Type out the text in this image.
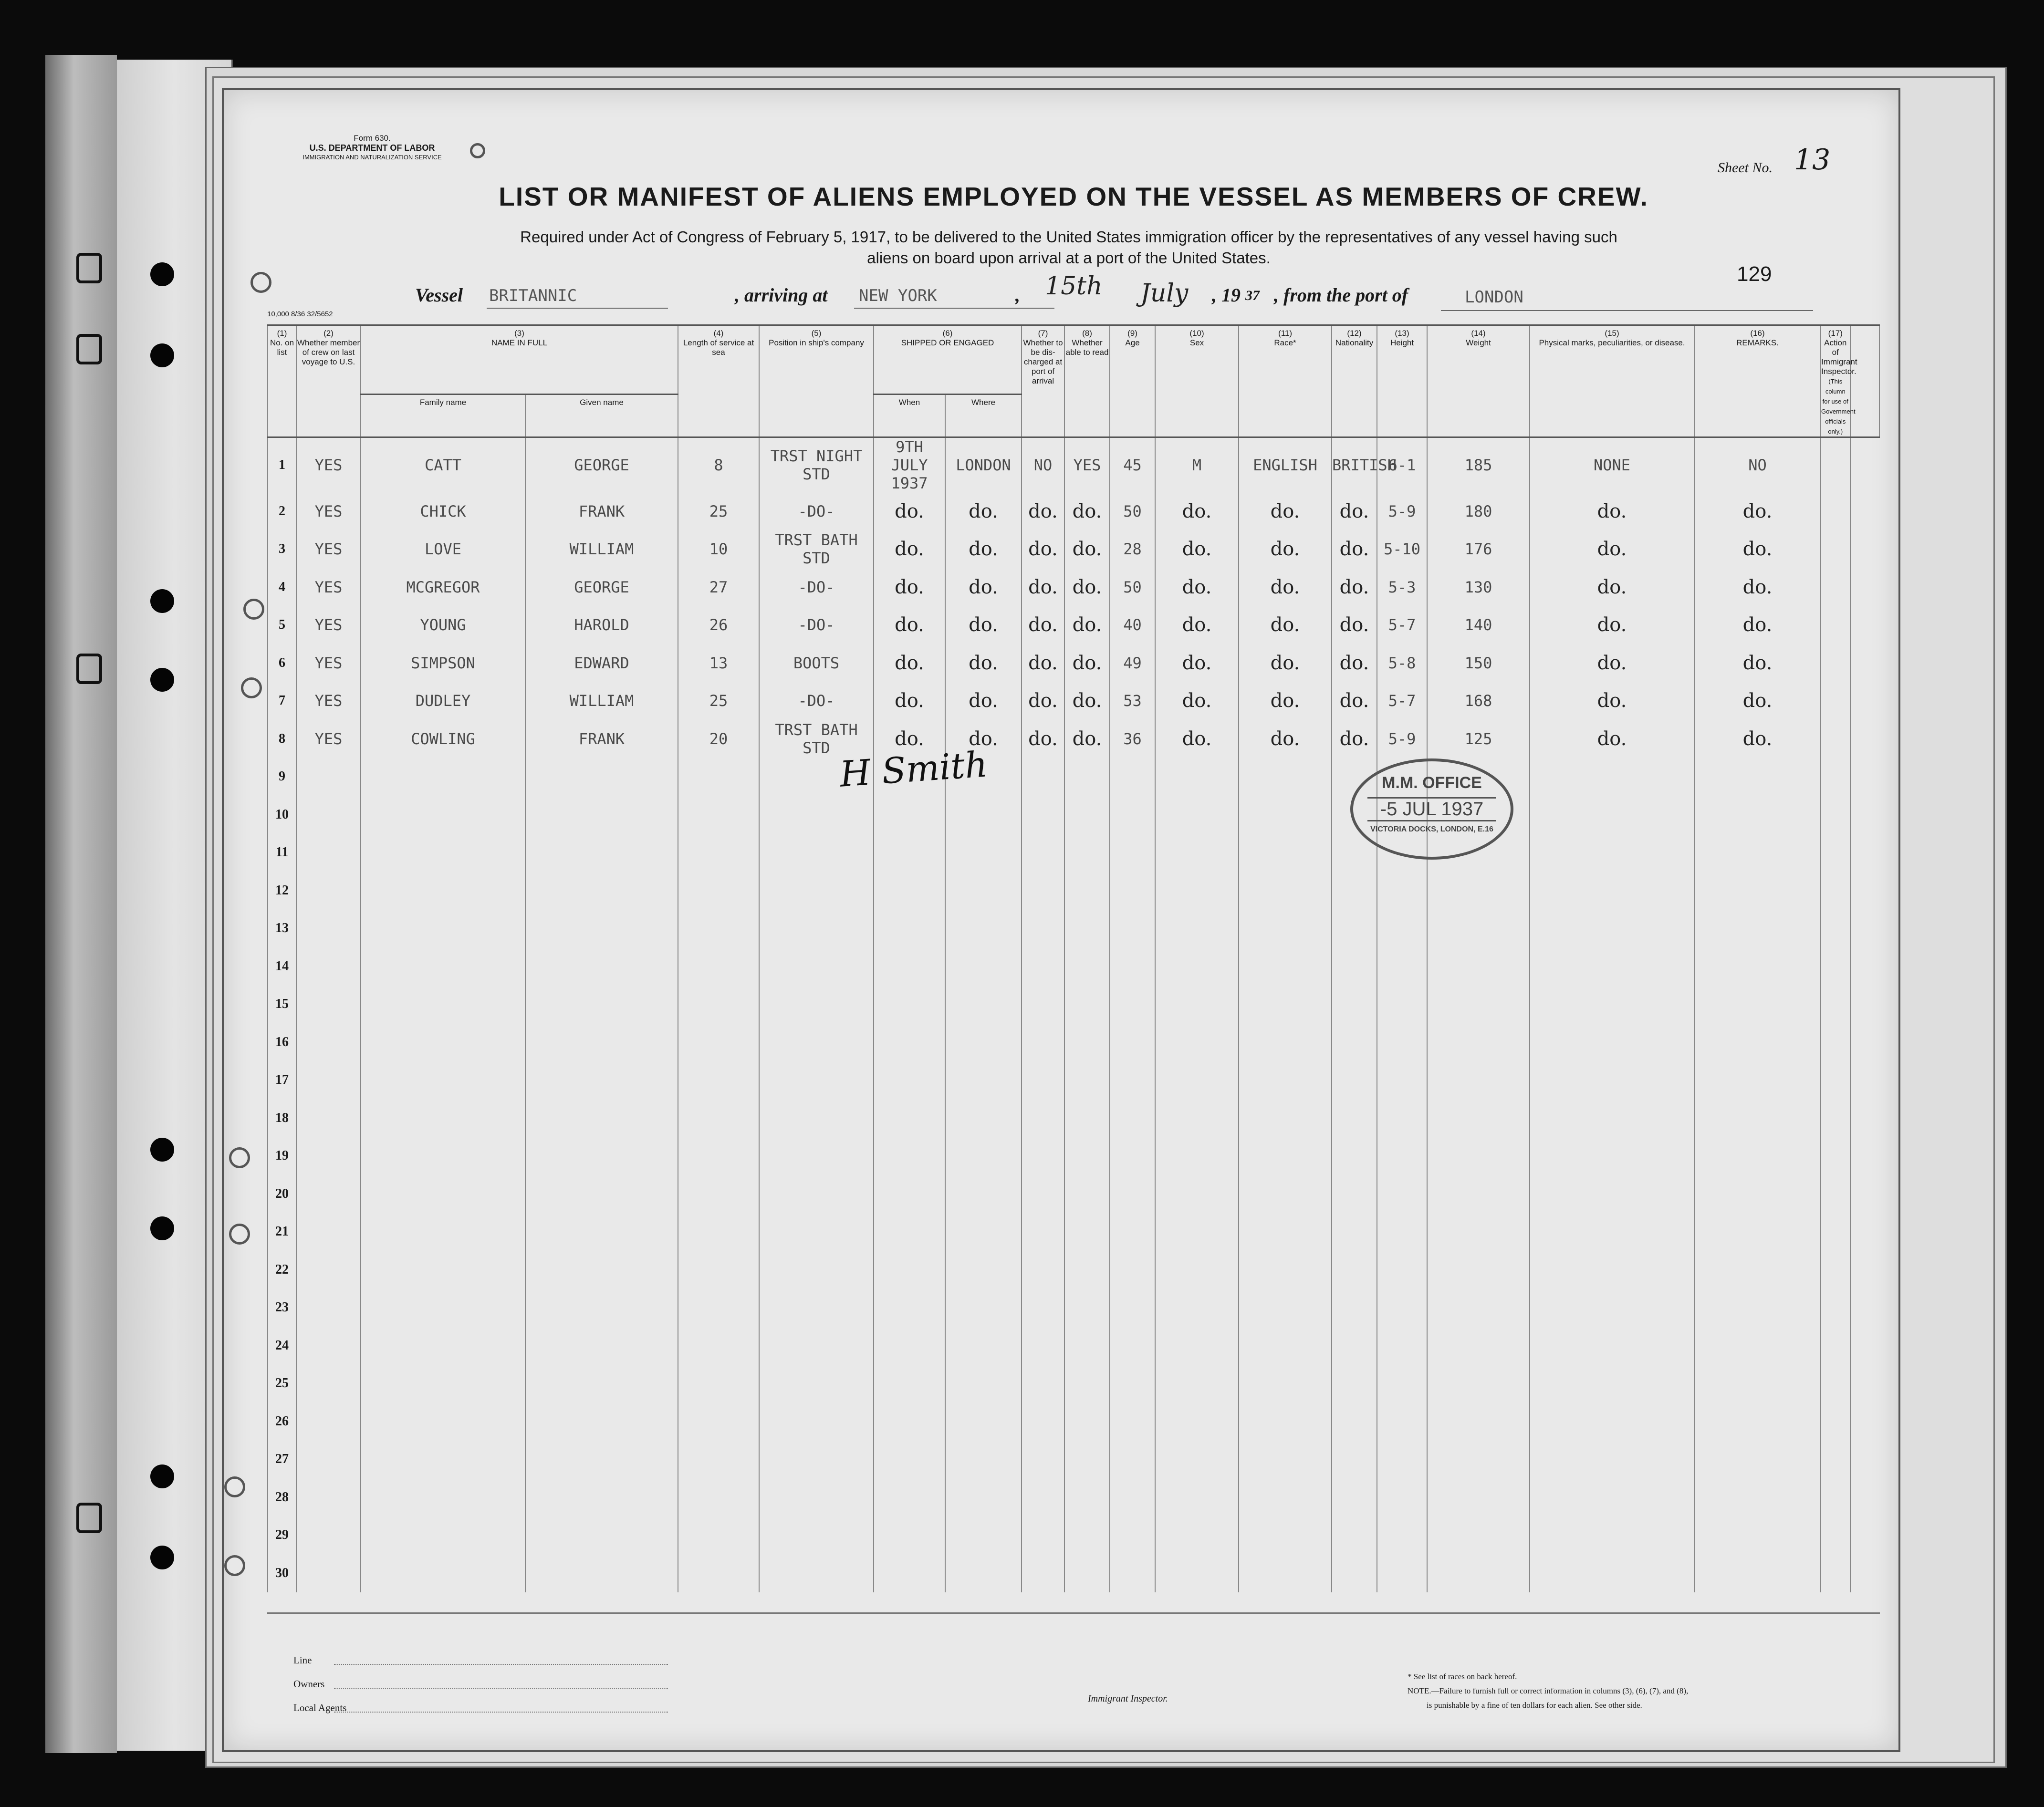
Form 630.
U.S. DEPARTMENT OF LABOR
IMMIGRATION AND NATURALIZATION SERVICE
Sheet No. 13
LIST OR MANIFEST OF ALIENS EMPLOYED ON THE VESSEL AS MEMBERS OF CREW.
Required under Act of Congress of February 5, 1917, to be delivered to the United States immigration officer by the representatives of any vessel having such
aliens on board upon arrival at a port of the United States.
129
Vessel BRITANNIC	, arriving at NEW YORK	, 15th July , 19 37 , from the port of	LONDON
10,000 8/36 32/5652
(1)
No. on list	(2)
Whether member of crew on last voyage to U.S.	(3)
NAME IN FULL		(4)
Length of service at sea	(5)
Position in ship's company	(6)
SHIPPED OR ENGAGED		(7)
Whether to be dis-charged at port of arrival	(8)
Whether able to read	(9)
Age	(10)
Sex	(11)
Race*	(12)
Nationality	(13)
Height	(14)
Weight	(15)
Physical marks, peculiarities, or disease.	(16)
REMARKS.	(17)
Action of Immigrant Inspector.
(This column for use of Government officials only.)	

		Family name	Given name			When	Where												
1	YES	CATT	GEORGE	8	TRST NIGHT STD	9TH JULY 1937	LONDON	NO	YES	45	M	ENGLISH	BRITISH	6-1	185	NONE	NO		
2	YES	CHICK	FRANK	25	-DO-	do.	do.	do.	do.	50	do.	do.	do.	5-9	180	do.	do.		
3	YES	LOVE	WILLIAM	10	TRST BATH STD	do.	do.	do.	do.	28	do.	do.	do.	5-10	176	do.	do.		
4	YES	MCGREGOR	GEORGE	27	-DO-	do.	do.	do.	do.	50	do.	do.	do.	5-3	130	do.	do.		
5	YES	YOUNG	HAROLD	26	-DO-	do.	do.	do.	do.	40	do.	do.	do.	5-7	140	do.	do.		
6	YES	SIMPSON	EDWARD	13	BOOTS	do.	do.	do.	do.	49	do.	do.	do.	5-8	150	do.	do.		
7	YES	DUDLEY	WILLIAM	25	-DO-	do.	do.	do.	do.	53	do.	do.	do.	5-7	168	do.	do.		
8	YES	COWLING	FRANK	20	TRST BATH STD	do.	do.	do.	do.	36	do.	do.	do.	5-9	125	do.	do.		
9																			
10																			
11																			
12																			
13																			
14																			
15																			
16																			
17																			
18																			
19																			
20																			
21																			
22																			
23																			
24																			
25																			
26																			
27																			
28																			
29																			
30																			
H Smith	M.M. OFFICE
-5 JUL 1937
VICTORIA DOCKS, LONDON, E.16
Line
Owners
Local Agents
Immigrant Inspector.
* See list of races on back hereof.
NOTE.—Failure to furnish full or correct information in columns (3), (6), (7), and (8),
is punishable by a fine of ten dollars for each alien. See other side.
